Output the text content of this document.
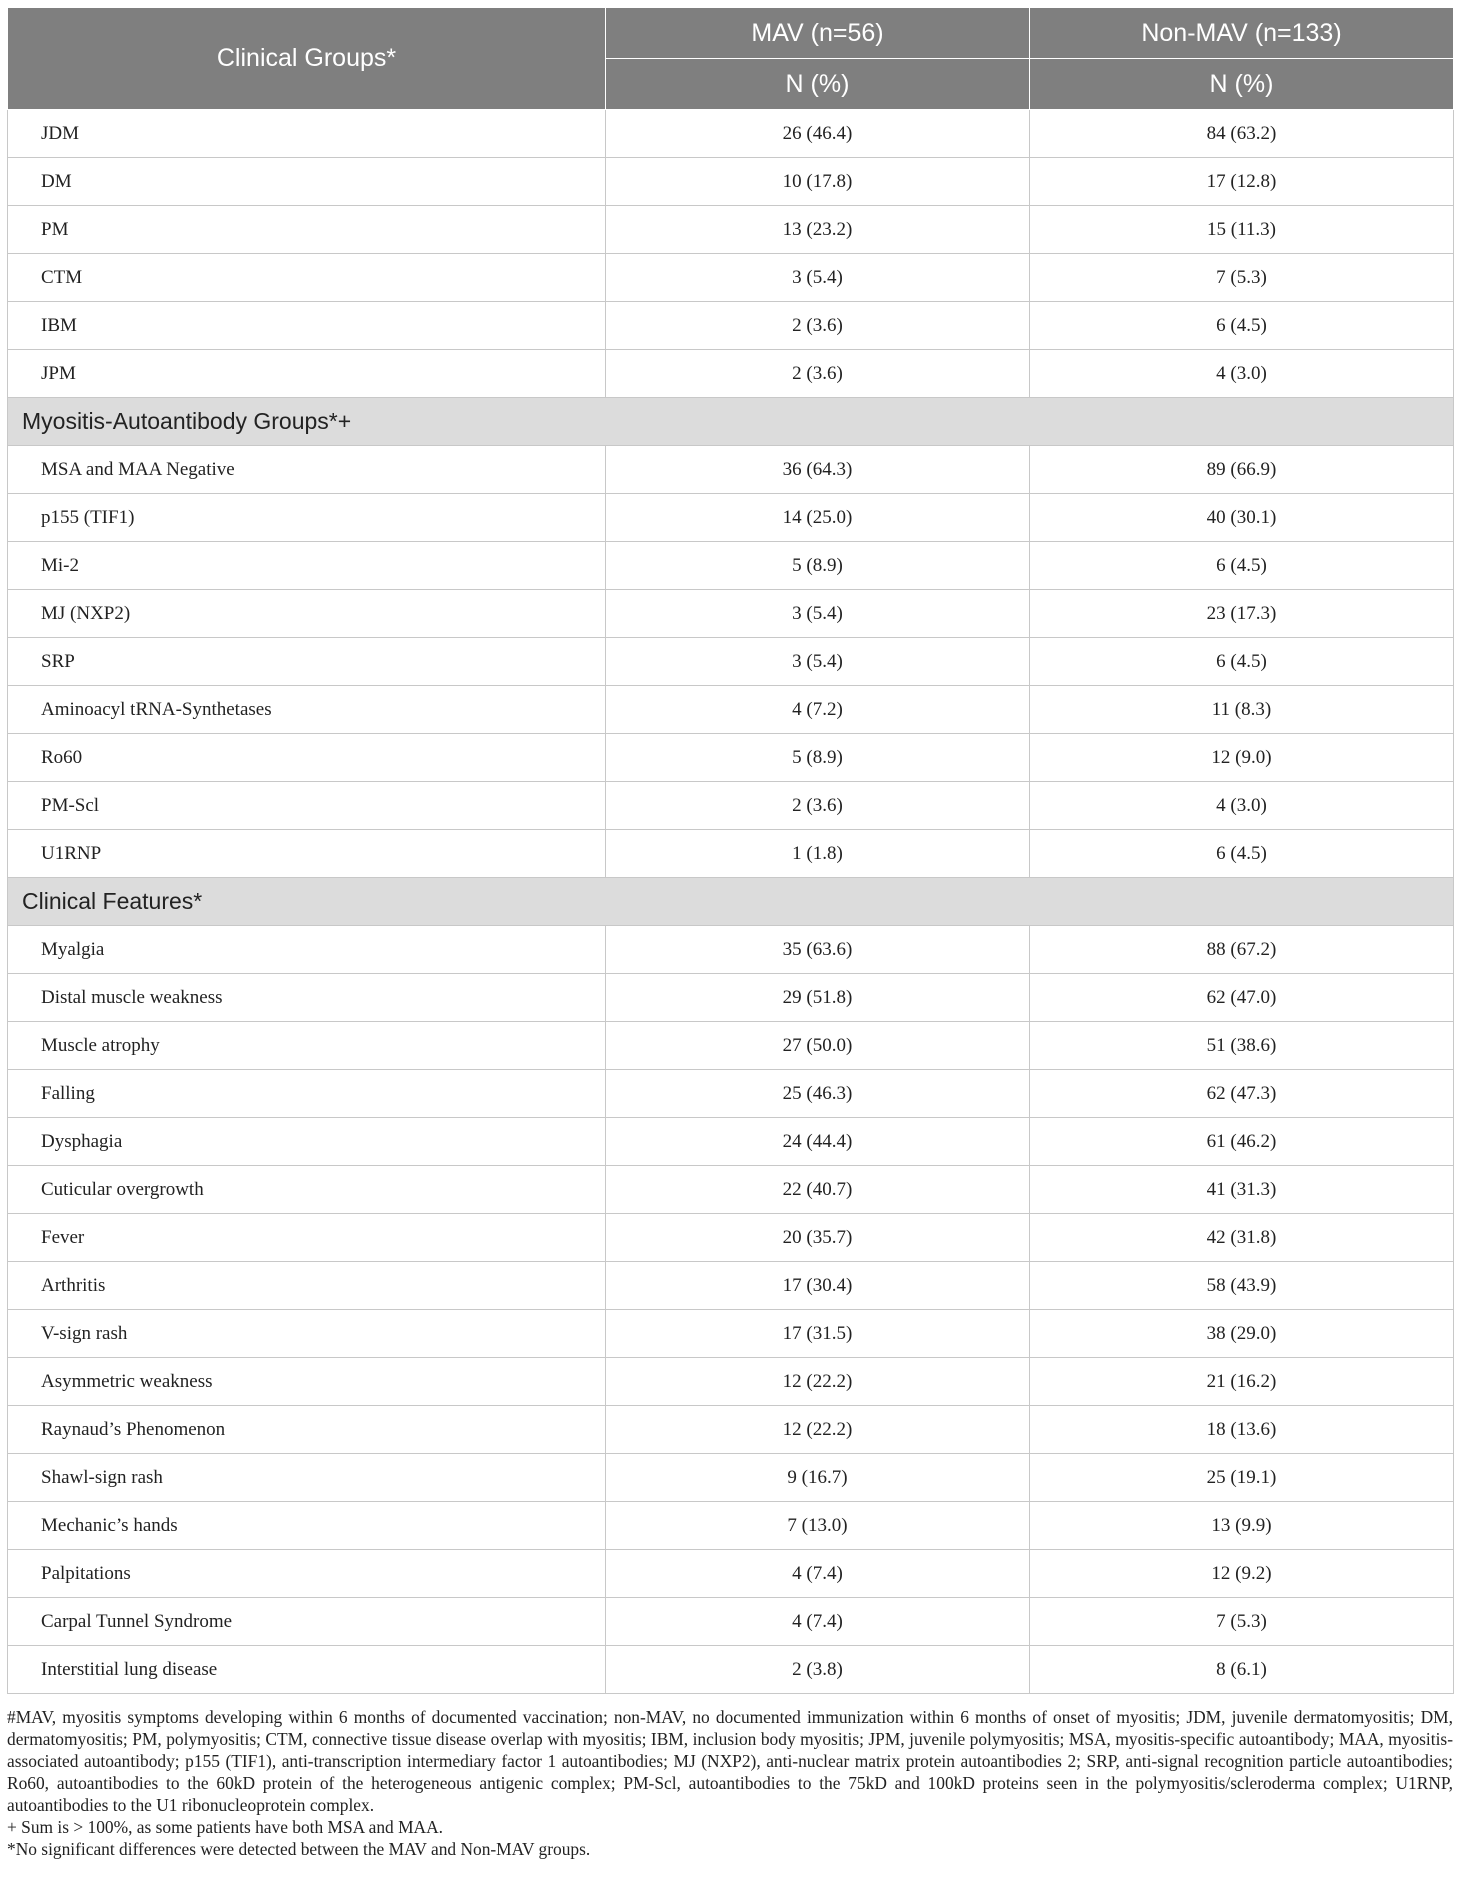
Clinical Groups*	MAV (n=56)	Non-MAV (n=133)
	N (%)	N (%)
JDM	26 (46.4)	84 (63.2)
DM	10 (17.8)	17 (12.8)
PM	13 (23.2)	15 (11.3)
CTM	3 (5.4)	7 (5.3)
IBM	2 (3.6)	6 (4.5)
JPM	2 (3.6)	4 (3.0)
Myositis-Autoantibody Groups*+		
MSA and MAA Negative	36 (64.3)	89 (66.9)
p155 (TIF1)	14 (25.0)	40 (30.1)
Mi-2	5 (8.9)	6 (4.5)
MJ (NXP2)	3 (5.4)	23 (17.3)
SRP	3 (5.4)	6 (4.5)
Aminoacyl tRNA-Synthetases	4 (7.2)	11 (8.3)
Ro60	5 (8.9)	12 (9.0)
PM-Scl	2 (3.6)	4 (3.0)
U1RNP	1 (1.8)	6 (4.5)
Clinical Features*		
Myalgia	35 (63.6)	88 (67.2)
Distal muscle weakness	29 (51.8)	62 (47.0)
Muscle atrophy	27 (50.0)	51 (38.6)
Falling	25 (46.3)	62 (47.3)
Dysphagia	24 (44.4)	61 (46.2)
Cuticular overgrowth	22 (40.7)	41 (31.3)
Fever	20 (35.7)	42 (31.8)
Arthritis	17 (30.4)	58 (43.9)
V-sign rash	17 (31.5)	38 (29.0)
Asymmetric weakness	12 (22.2)	21 (16.2)
Raynaud’s Phenomenon	12 (22.2)	18 (13.6)
Shawl-sign rash	9 (16.7)	25 (19.1)
Mechanic’s hands	7 (13.0)	13 (9.9)
Palpitations	4 (7.4)	12 (9.2)
Carpal Tunnel Syndrome	4 (7.4)	7 (5.3)
Interstitial lung disease	2 (3.8)	8 (6.1)

#MAV, myositis symptoms developing within 6 months of documented vaccination; non-MAV, no documented immunization within 6 months of onset of myositis; JDM, juvenile dermatomyositis; DM, dermatomyositis; PM, polymyositis; CTM, connective tissue disease overlap with myositis; IBM, inclusion body myositis; JPM, juvenile polymyositis; MSA, myositis-specific autoantibody; MAA, myositis-associated autoantibody; p155 (TIF1), anti-transcription intermediary factor 1 autoantibodies; MJ (NXP2), anti-nuclear matrix protein autoantibodies 2; SRP, anti-signal recognition particle autoantibodies; Ro60, autoantibodies to the 60kD protein of the heterogeneous antigenic complex; PM-Scl, autoantibodies to the 75kD and 100kD proteins seen in the polymyositis/scleroderma complex; U1RNP, autoantibodies to the U1 ribonucleoprotein complex.

+ Sum is > 100%, as some patients have both MSA and MAA.

*No significant differences were detected between the MAV and Non-MAV groups.
